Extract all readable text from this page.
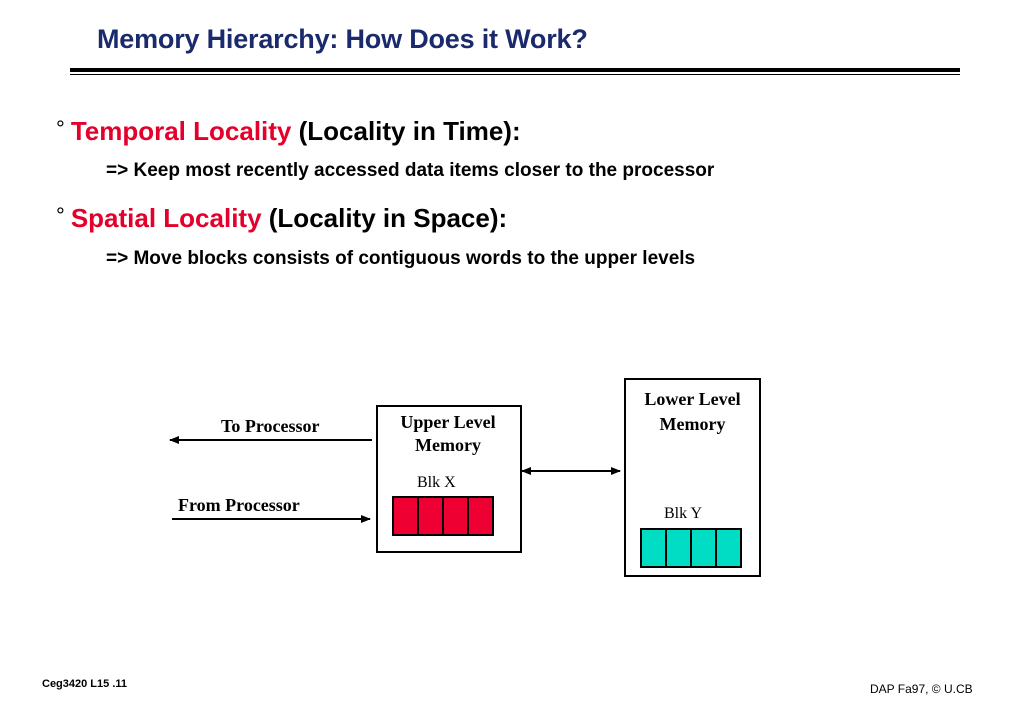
Memory Hierarchy: How Does it Work?
° Temporal Locality (Locality in Time):
=> Keep most recently accessed data items closer to the processor
° Spatial Locality (Locality in Space):
=> Move blocks consists of contiguous words to the upper levels
To Processor
From Processor
Upper Level
Memory
Blk X
Lower Level
Memory
Blk Y
Ceg3420 L15 .11	DAP Fa97, © U.CB
